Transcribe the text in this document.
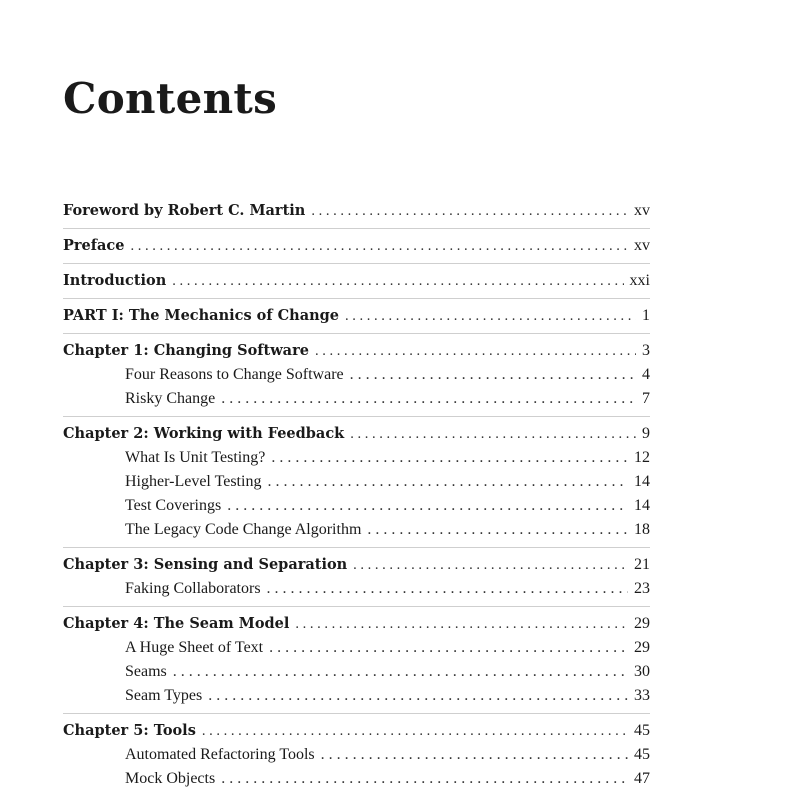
Contents
Foreword by Robert C. Martin . . .	xv
Preface . . .	xv
Introduction . . .	xxi
PART I: The Mechanics of Change . . .	1
Chapter 1: Changing Software . . .	3
Four Reasons to Change Software . . .	4
Risky Change . . .	7
Chapter 2: Working with Feedback . . .	9
What Is Unit Testing? . . .	12
Higher-Level Testing . . .	14
Test Coverings . . .	14
The Legacy Code Change Algorithm . . .	18
Chapter 3: Sensing and Separation . . .	21
Faking Collaborators . . .	23
Chapter 4: The Seam Model . . .	29
A Huge Sheet of Text . . .	29
Seams . . .	30
Seam Types . . .	33
Chapter 5: Tools . . .	45
Automated Refactoring Tools . . .	45
Mock Objects . . .	47
